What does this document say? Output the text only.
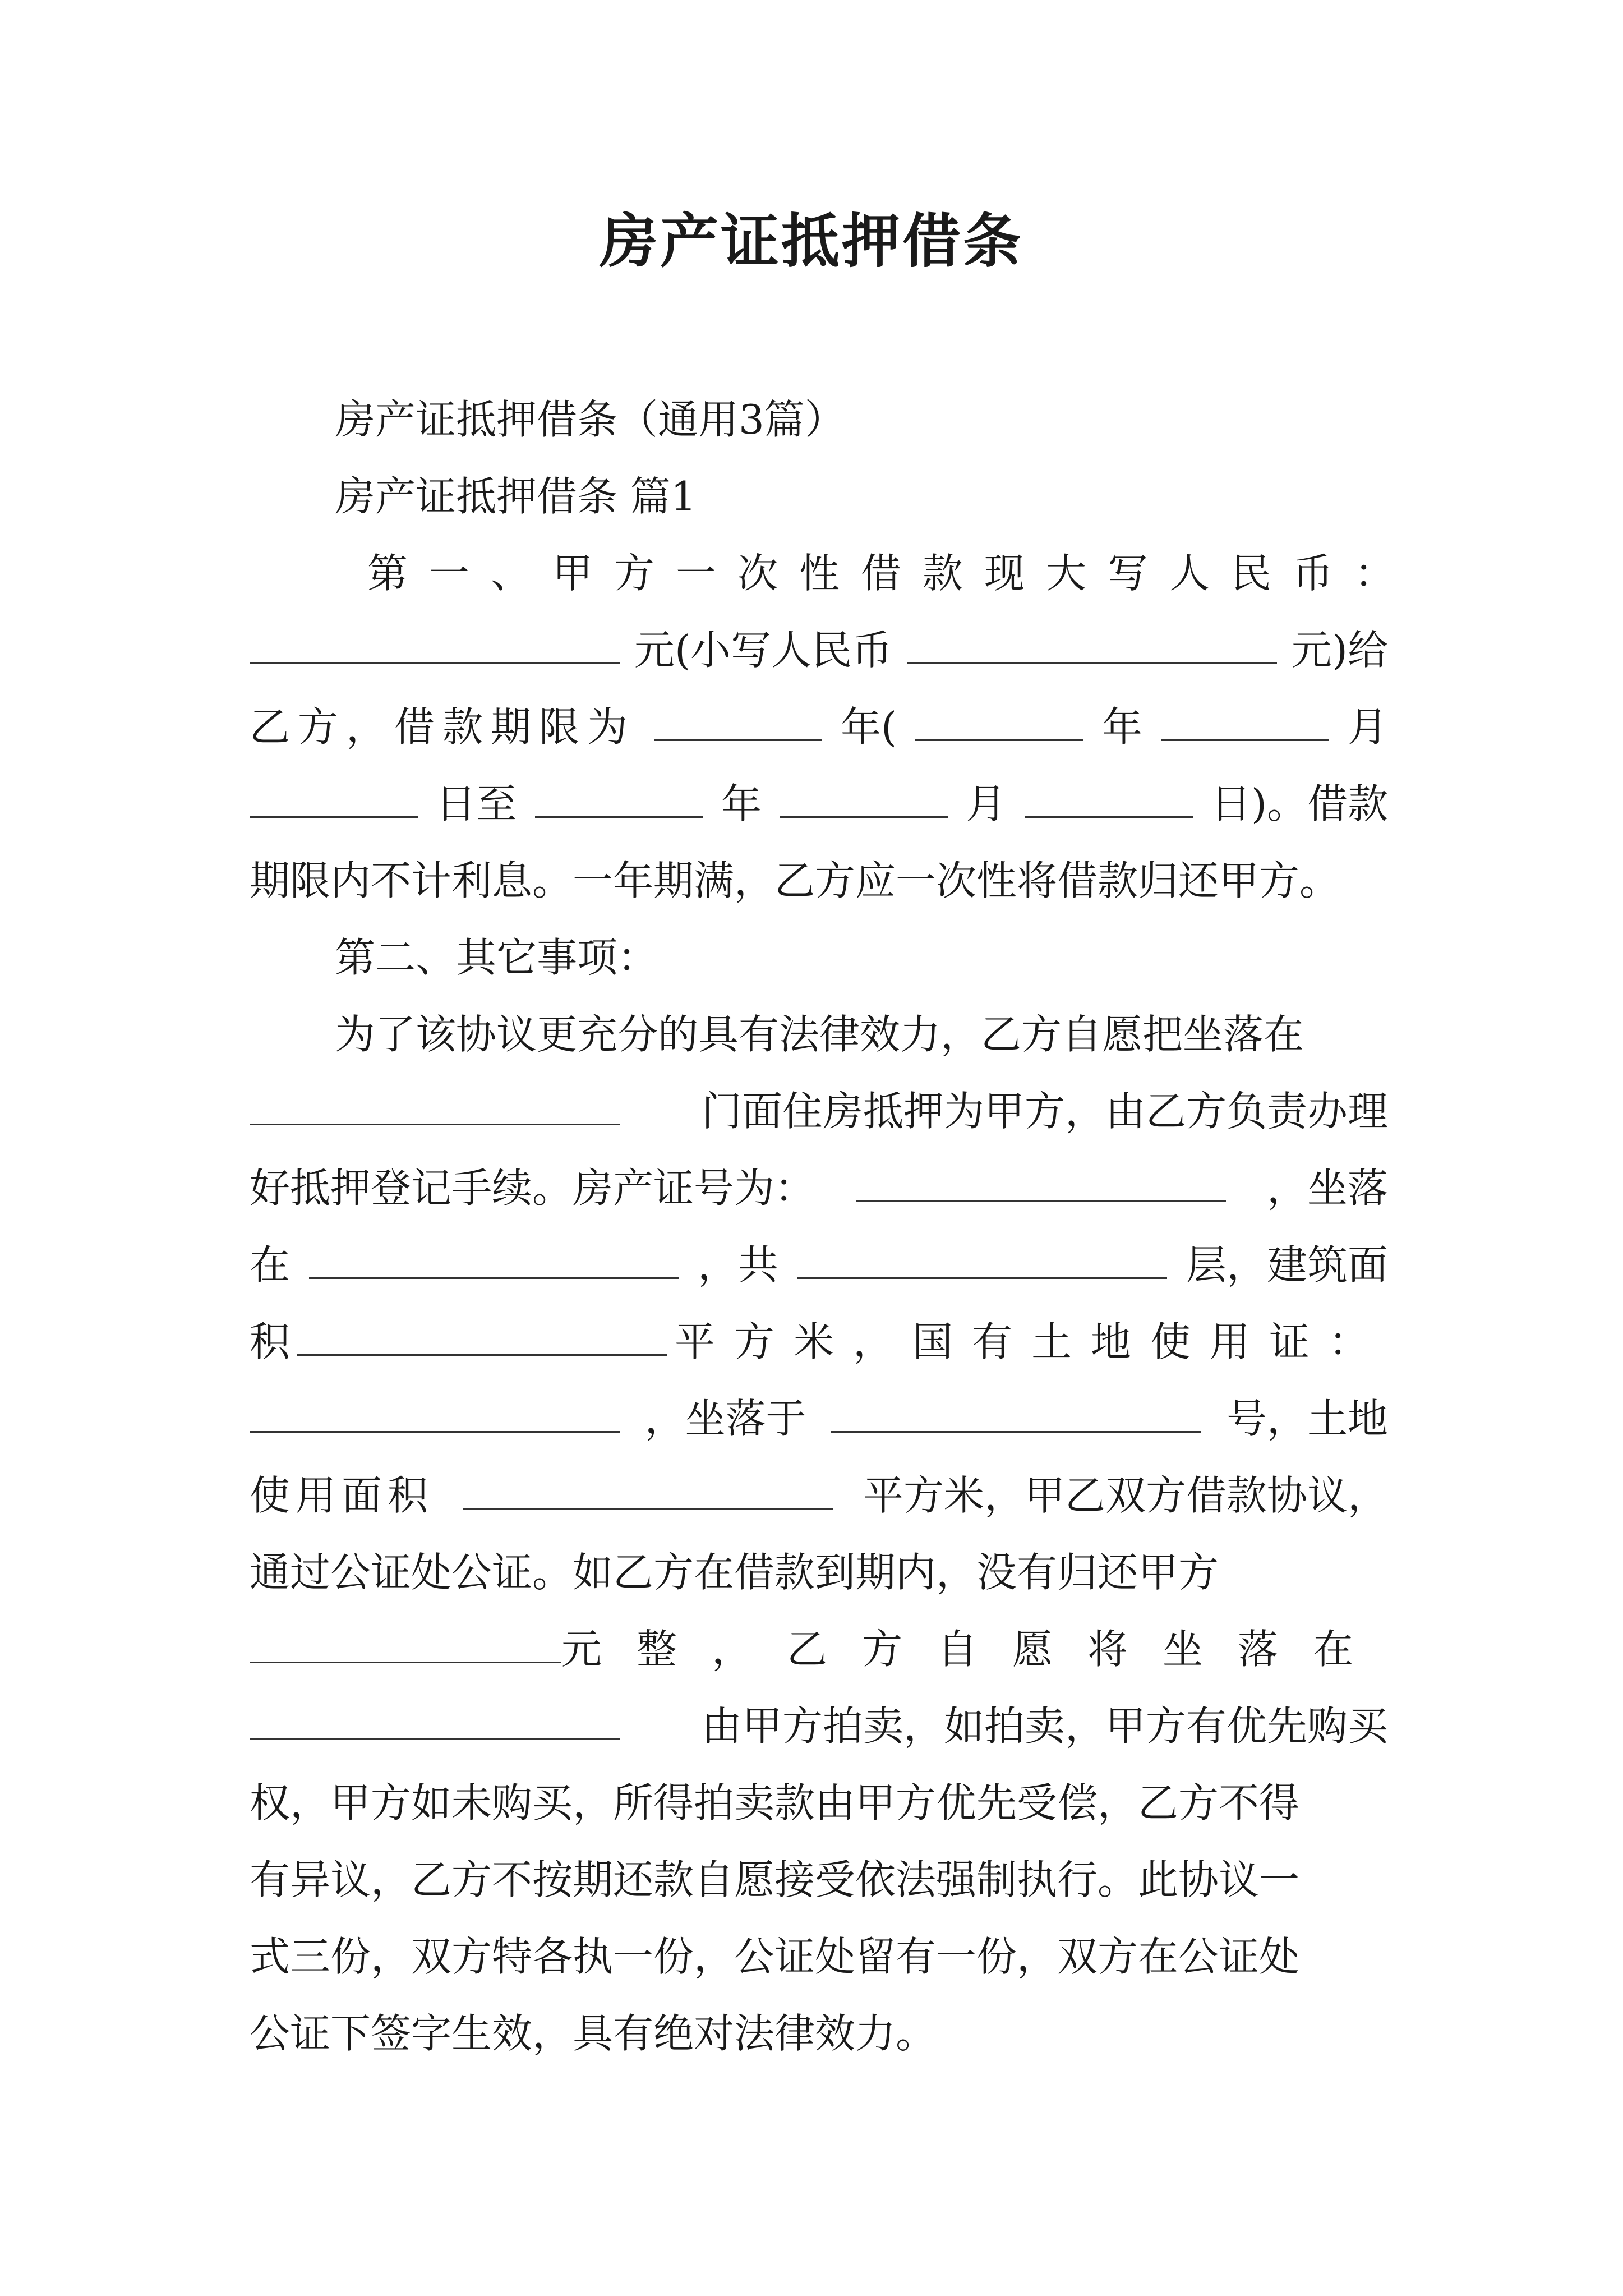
房产证抵押借条
房产证抵押借条（通用3篇）
房产证抵押借条 篇1
第一、甲方一次性借款现大写人民币：
元(小写人民币	元)给
乙方，借款期限为	年(	年	月
日至	年	月	日)。借款
期限内不计利息。一年期满，乙方应一次性将借款归还甲方。
第二、其它事项：
为了该协议更充分的具有法律效力，乙方自愿把坐落在
门面住房抵押为甲方，由乙方负责办理
好抵押登记手续。房产证号为：	，坐落
在	，共	层，建筑面
积	平方米，国有土地使用证：
，坐落于	号，土地
使用面积	平方米，甲乙双方借款协议，
通过公证处公证。如乙方在借款到期内，没有归还甲方
元整，乙方自愿将坐落在
由甲方拍卖，如拍卖，甲方有优先购买
权，甲方如未购买，所得拍卖款由甲方优先受偿，乙方不得
有异议，乙方不按期还款自愿接受依法强制执行。此协议一
式三份，双方特各执一份，公证处留有一份，双方在公证处
公证下签字生效，具有绝对法律效力。
